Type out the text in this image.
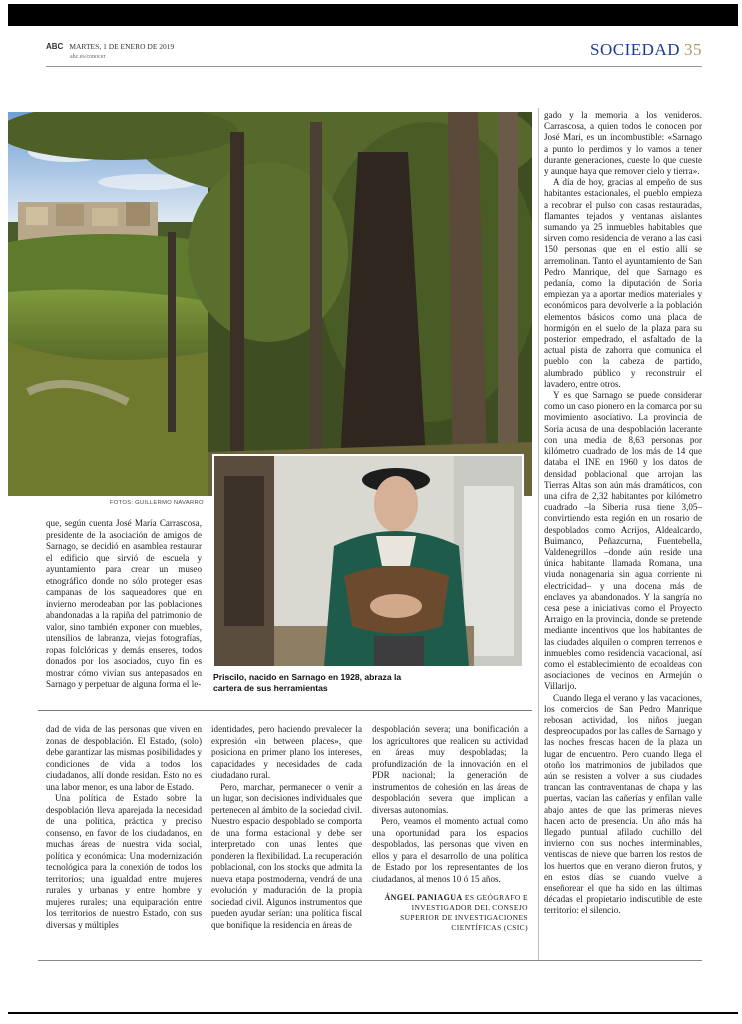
ABC MARTES, 1 DE ENERO DE 2019
abc.es/conocer	SOCIEDAD 35
FOTOS: GUILLERMO NAVARRO
Priscilo, nacido en Sarnago en 1928, abraza la cartera de sus herramientas

que, según cuenta José María Carrascosa, presidente de la asociación de amigos de Sarnago, se decidió en asamblea restaurar el edificio que sirvió de escuela y ayuntamiento para crear un museo etnográfico donde no sólo proteger esas campanas de los saqueadores que en invierno merodeaban por las poblaciones abandonadas a la rapiña del patrimonio de valor, sino también exponer con muebles, utensilios de labranza, viejas fotografías, ropas folclóricas y demás enseres, todos donados por los asociados, cuyo fin es mostrar cómo vivían sus antepasados en Sarnago y perpetuar de alguna forma el le-

dad de vida de las personas que viven en zonas de despoblación. El Estado, (solo) debe garantizar las mismas posibilidades y condiciones de vida a todos los ciudadanos, allí donde residan. Esto no es una labor menor, es una labor de Estado.

Una política de Estado sobre la despoblación lleva aparejada la necesidad de una política, práctica y preciso consenso, en favor de los ciudadanos, en muchas áreas de nuestra vida social, política y económica: Una modernización tecnológica para la conexión de todos los territorios; una igualdad entre mujeres rurales y urbanas y entre hombre y mujeres rurales; una equiparación entre los territorios de nuestro Estado, con sus diversas y múltiples

identidades, pero haciendo prevalecer la expresión «in between places», que posiciona en primer plano los intereses, capacidades y necesidades de cada ciudadano rural.

Pero, marchar, permanecer o venir a un lugar, son decisiones individuales que pertenecen al ámbito de la sociedad civil. Nuestro espacio despoblado se comporta de una forma estacional y debe ser interpretado con unas lentes que ponderen la flexibilidad. La recuperación poblacional, con los stocks que admita la nueva etapa postmoderna, vendrá de una evolución y maduración de la propia sociedad civil. Algunos instrumentos que pueden ayudar serían: una política fiscal que bonifique la residencia en áreas de

despoblación severa; una bonificación a los agricultores que realicen su actividad en áreas muy despobladas; la profundización de la innovación en el PDR nacional; la generación de instrumentos de cohesión en las áreas de despoblación severa que implican a diversas autonomías.

Pero, veamos el momento actual como una oportunidad para los espacios despoblados, las personas que viven en ellos y para el desarrollo de una política de Estado por los representantes de los ciudadanos, al menos 10 ó 15 años.

ÁNGEL PANIAGUA ES GEÓGRAFO E INVESTIGADOR DEL CONSEJO SUPERIOR DE INVESTIGACIONES CIENTÍFICAS (CSIC)

gado y la memoria a los venideros. Carrascosa, a quien todos le conocen por José Mari, es un incombustible: «Sarnago a punto lo perdimos y lo vamos a tener durante generaciones, cueste lo que cueste y aunque haya que remover cielo y tierra».

A día de hoy, gracias al empeño de sus habitantes estacionales, el pueblo empieza a recobrar el pulso con casas restauradas, flamantes tejados y ventanas aislantes sumando ya 25 inmuebles habitables que sirven como residencia de verano a las casi 150 personas que en el estío allí se arremolinan. Tanto el ayuntamiento de San Pedro Manrique, del que Sarnago es pedanía, como la diputación de Soria empiezan ya a aportar medios materiales y económicos para devolverle a la población elementos básicos como una placa de hormigón en el suelo de la plaza para su posterior empedrado, el asfaltado de la actual pista de zahorra que comunica el pueblo con la cabeza de partido, alumbrado público y reconstruir el lavadero, entre otros.

Y es que Sarnago se puede considerar como un caso pionero en la comarca por su movimiento asociativo. La provincia de Soria acusa de una despoblación lacerante con una media de 8,63 personas por kilómetro cuadrado de los más de 14 que databa el INE en 1960 y los datos de densidad poblacional que arrojan las Tierras Altas son aún más dramáticos, con una cifra de 2,32 habitantes por kilómetro cuadrado –la Siberia rusa tiene 3,05– convirtiendo esta región en un rosario de despoblados como Acrijos, Aldealcardo, Buimanco, Peñazcurna, Fuentebella, Valdenegrillos –donde aún reside una única habitante llamada Romana, una viuda nonagenaria sin agua corriente ni electricidad– y una docena más de enclaves ya abandonados. Y la sangría no cesa pese a iniciativas como el Proyecto Arraigo en la provincia, donde se pretende mediante incentivos que los habitantes de las ciudades alquilen o compren terrenos e inmuebles como residencia vacacional, así como el establecimiento de ecoaldeas con asociaciones de vecinos en Armejún o Villarijo.

Cuando llega el verano y las vacaciones, los comercios de San Pedro Manrique rebosan actividad, los niños juegan despreocupados por las calles de Sarnago y las noches frescas hacen de la plaza un lugar de encuentro. Pero cuando llega el otoño los matrimonios de jubilados que aún se resisten a volver a sus ciudades trancan las contraventanas de chapa y las puertas, vacían las cañerías y enfilan valle abajo antes de que las primeras nieves hacen acto de presencia. Un año más ha llegado puntual afilado cuchillo del invierno con sus noches interminables, ventiscas de nieve que barren los restos de los huertos que en verano dieron frutos, y en estos días se cuando vuelve a enseñorear el que ha sido en las últimas décadas el propietario indiscutible de este territorio: el silencio.
